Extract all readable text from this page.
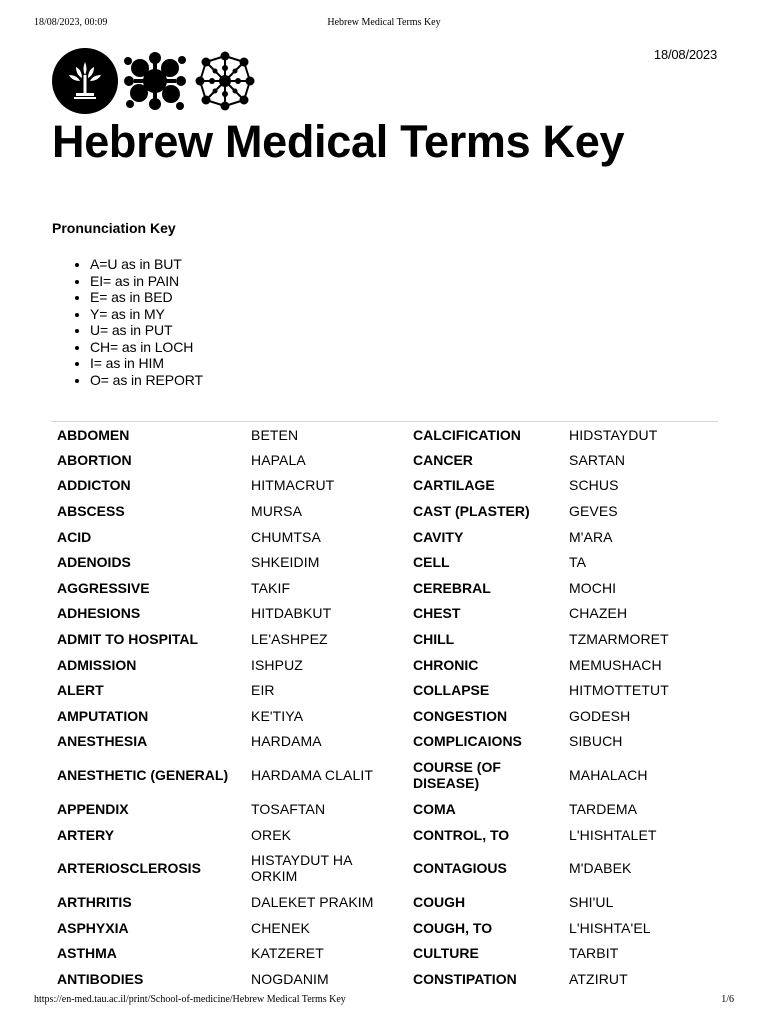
18/08/2023, 00:09	Hebrew Medical Terms Key
18/08/2023
Hebrew Medical Terms Key
Pronunciation Key
• A=U as in BUT
• EI= as in PAIN
• E= as in BED
• Y= as in MY
• U= as in PUT
• CH= as in LOCH
• I= as in HIM
• O= as in REPORT
ABDOMEN	BETEN	CALCIFICATION	HIDSTAYDUT
ABORTION	HAPALA	CANCER	SARTAN
ADDICTON	HITMACRUT	CARTILAGE	SCHUS
ABSCESS	MURSA	CAST (PLASTER)	GEVES
ACID	CHUMTSA	CAVITY	M'ARA
ADENOIDS	SHKEIDIM	CELL	TA
AGGRESSIVE	TAKIF	CEREBRAL	MOCHI
ADHESIONS	HITDABKUT	CHEST	CHAZEH
ADMIT TO HOSPITAL	LE'ASHPEZ	CHILL	TZMARMORET
ADMISSION	ISHPUZ	CHRONIC	MEMUSHACH
ALERT	EIR	COLLAPSE	HITMOTTETUT
AMPUTATION	KE'TIYA	CONGESTION	GODESH
ANESTHESIA	HARDAMA	COMPLICAIONS	SIBUCH
ANESTHETIC (GENERAL)	HARDAMA CLALIT	COURSE (OF DISEASE)	MAHALACH
APPENDIX	TOSAFTAN	COMA	TARDEMA
ARTERY	OREK	CONTROL, TO	L'HISHTALET
ARTERIOSCLEROSIS	HISTAYDUT HA ORKIM	CONTAGIOUS	M'DABEK
ARTHRITIS	DALEKET PRAKIM	COUGH	SHI'UL
ASPHYXIA	CHENEK	COUGH, TO	L'HISHTA'EL
ASTHMA	KATZERET	CULTURE	TARBIT
ANTIBODIES	NOGDANIM	CONSTIPATION	ATZIRUT
https://en-med.tau.ac.il/print/School-of-medicine/Hebrew Medical Terms Key	1/6
